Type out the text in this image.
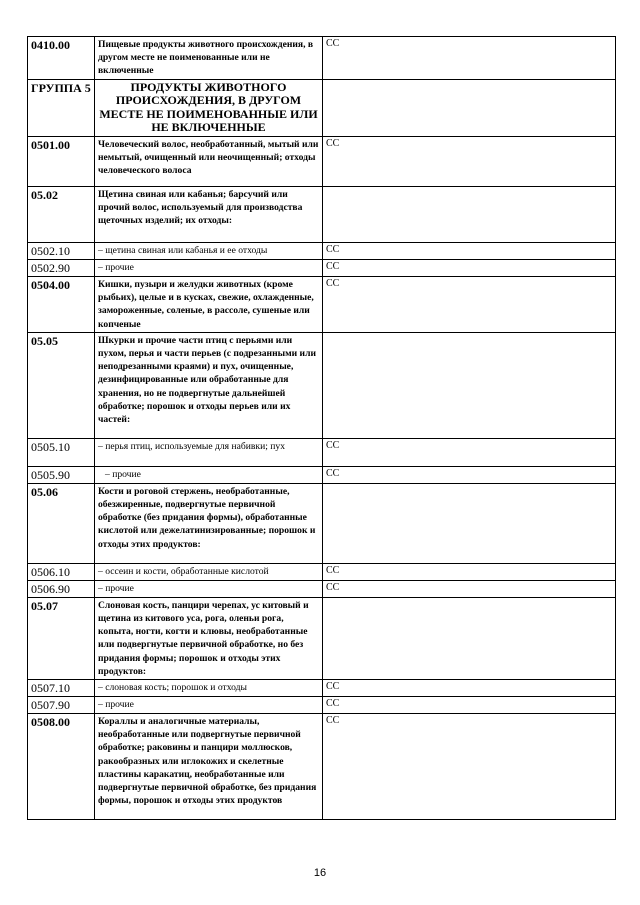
0410.00	Пищевые продукты животного происхождения, в другом месте не поименованные или не включенные	СС
ГРУППА 5	ПРОДУКТЫ ЖИВОТНОГО ПРОИСХОЖДЕНИЯ, В ДРУГОМ МЕСТЕ НЕ ПОИМЕНОВАННЫЕ ИЛИ НЕ ВКЛЮЧЕННЫЕ	
0501.00	Человеческий волос, необработанный, мытый или немытый, очищенный или неочищенный; отходы человеческого волоса	СС
05.02	Щетина свиная или кабанья; барсучий или прочий волос, используемый для производства щеточных изделий; их отходы:	
0502.10	– щетина свиная или кабанья и ее отходы	СС
0502.90	– прочие	СС
0504.00	Кишки, пузыри и желудки животных (кроме рыбьих), целые и в кусках, свежие, охлажденные, замороженные, соленые, в рассоле, сушеные или копченые	СС
05.05	Шкурки и прочие части птиц с перьями или пухом, перья и части перьев (с подрезанными или неподрезанными краями) и пух, очищенные, дезинфицированные или обработанные для хранения, но не подвергнутые дальнейшей обработке; порошок и отходы перьев или их частей:	
0505.10	– перья птиц, используемые для набивки; пух	СС
0505.90	– прочие	СС
05.06	Кости и роговой стержень, необработанные, обезжиренные, подвергнутые первичной обработке (без придания формы), обработанные кислотой или дежелатинизированные; порошок и отходы этих продуктов:	
0506.10	– оссеин и кости, обработанные кислотой	СС
0506.90	– прочие	СС
05.07	Слоновая кость, панцири черепах, ус китовый и щетина из китового уса, рога, оленьи рога, копыта, ногти, когти и клювы, необработанные или подвергнутые первичной обработке, но без придания формы; порошок и отходы этих продуктов:	
0507.10	– слоновая кость; порошок и отходы	СС
0507.90	– прочие	СС
0508.00	Кораллы и аналогичные материалы, необработанные или подвергнутые первичной обработке; раковины и панцири моллюсков, ракообразных или иглокожих и скелетные пластины каракатиц, необработанные или подвергнутые первичной обработке, без придания формы, порошок и отходы этих продуктов	СС
16
